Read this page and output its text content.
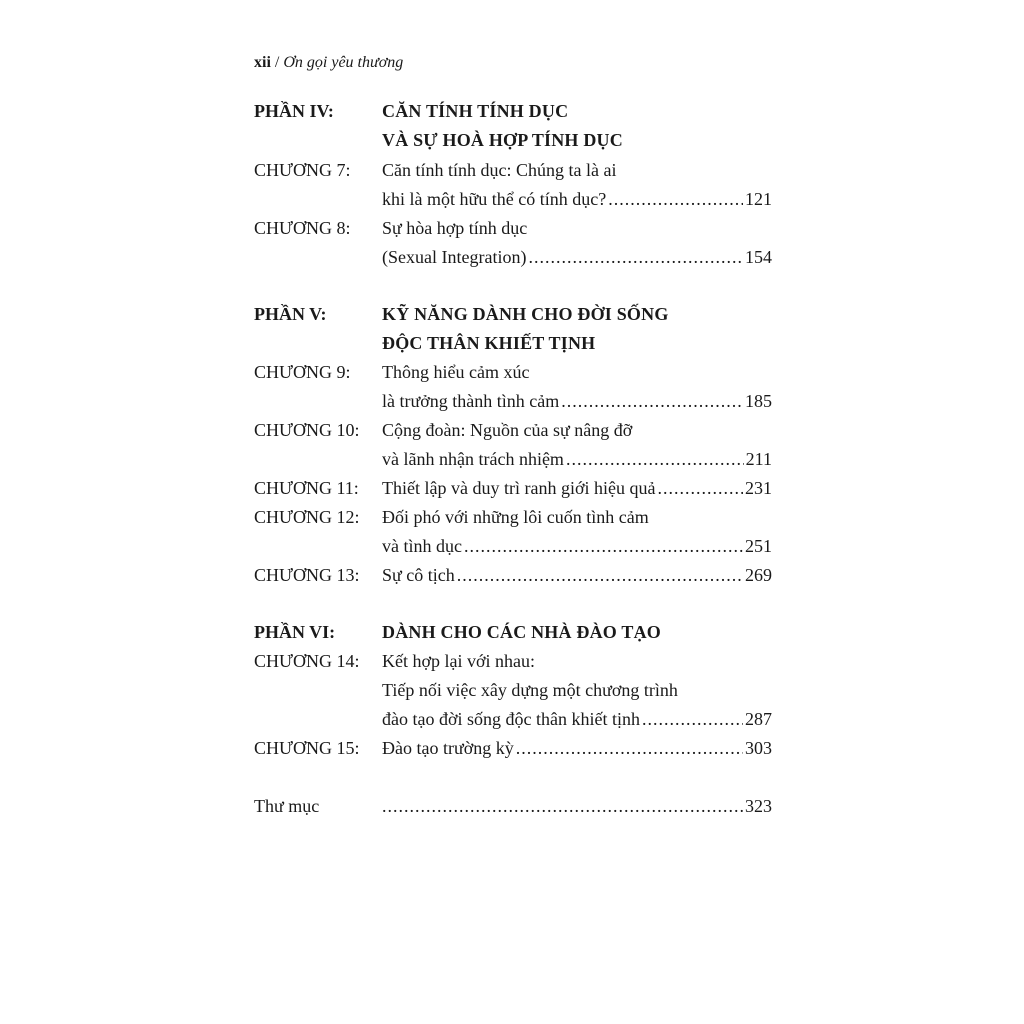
xii / Ơn gọi yêu thương
PHẦN IV:	CĂN TÍNH TÍNH DỤC
VÀ SỰ HOÀ HỢP TÍNH DỤC
CHƯƠNG 7: Căn tính tính dục: Chúng ta là ai
khi là một hữu thể có tính dục? .....	121
CHƯƠNG 8: Sự hòa hợp tính dục
(Sexual Integration) .....	154
PHẦN V:	KỸ NĂNG DÀNH CHO ĐỜI SỐNG
ĐỘC THÂN KHIẾT TỊNH
CHƯƠNG 9: Thông hiểu cảm xúc
là trưởng thành tình cảm .....	185
CHƯƠNG 10: Cộng đoàn: Nguồn của sự nâng đỡ
và lãnh nhận trách nhiệm .....	211
CHƯƠNG 11: Thiết lập và duy trì ranh giới hiệu quả .....	231
CHƯƠNG 12: Đối phó với những lôi cuốn tình cảm
và tình dục .....	251
CHƯƠNG 13: Sự cô tịch .....	269
PHẦN VI:	DÀNH CHO CÁC NHÀ ĐÀO TẠO
CHƯƠNG 14: Kết hợp lại với nhau:
Tiếp nối việc xây dựng một chương trình
đào tạo đời sống độc thân khiết tịnh .....	287
CHƯƠNG 15: Đào tạo trường kỳ .....	303
Thư mục .....	323
